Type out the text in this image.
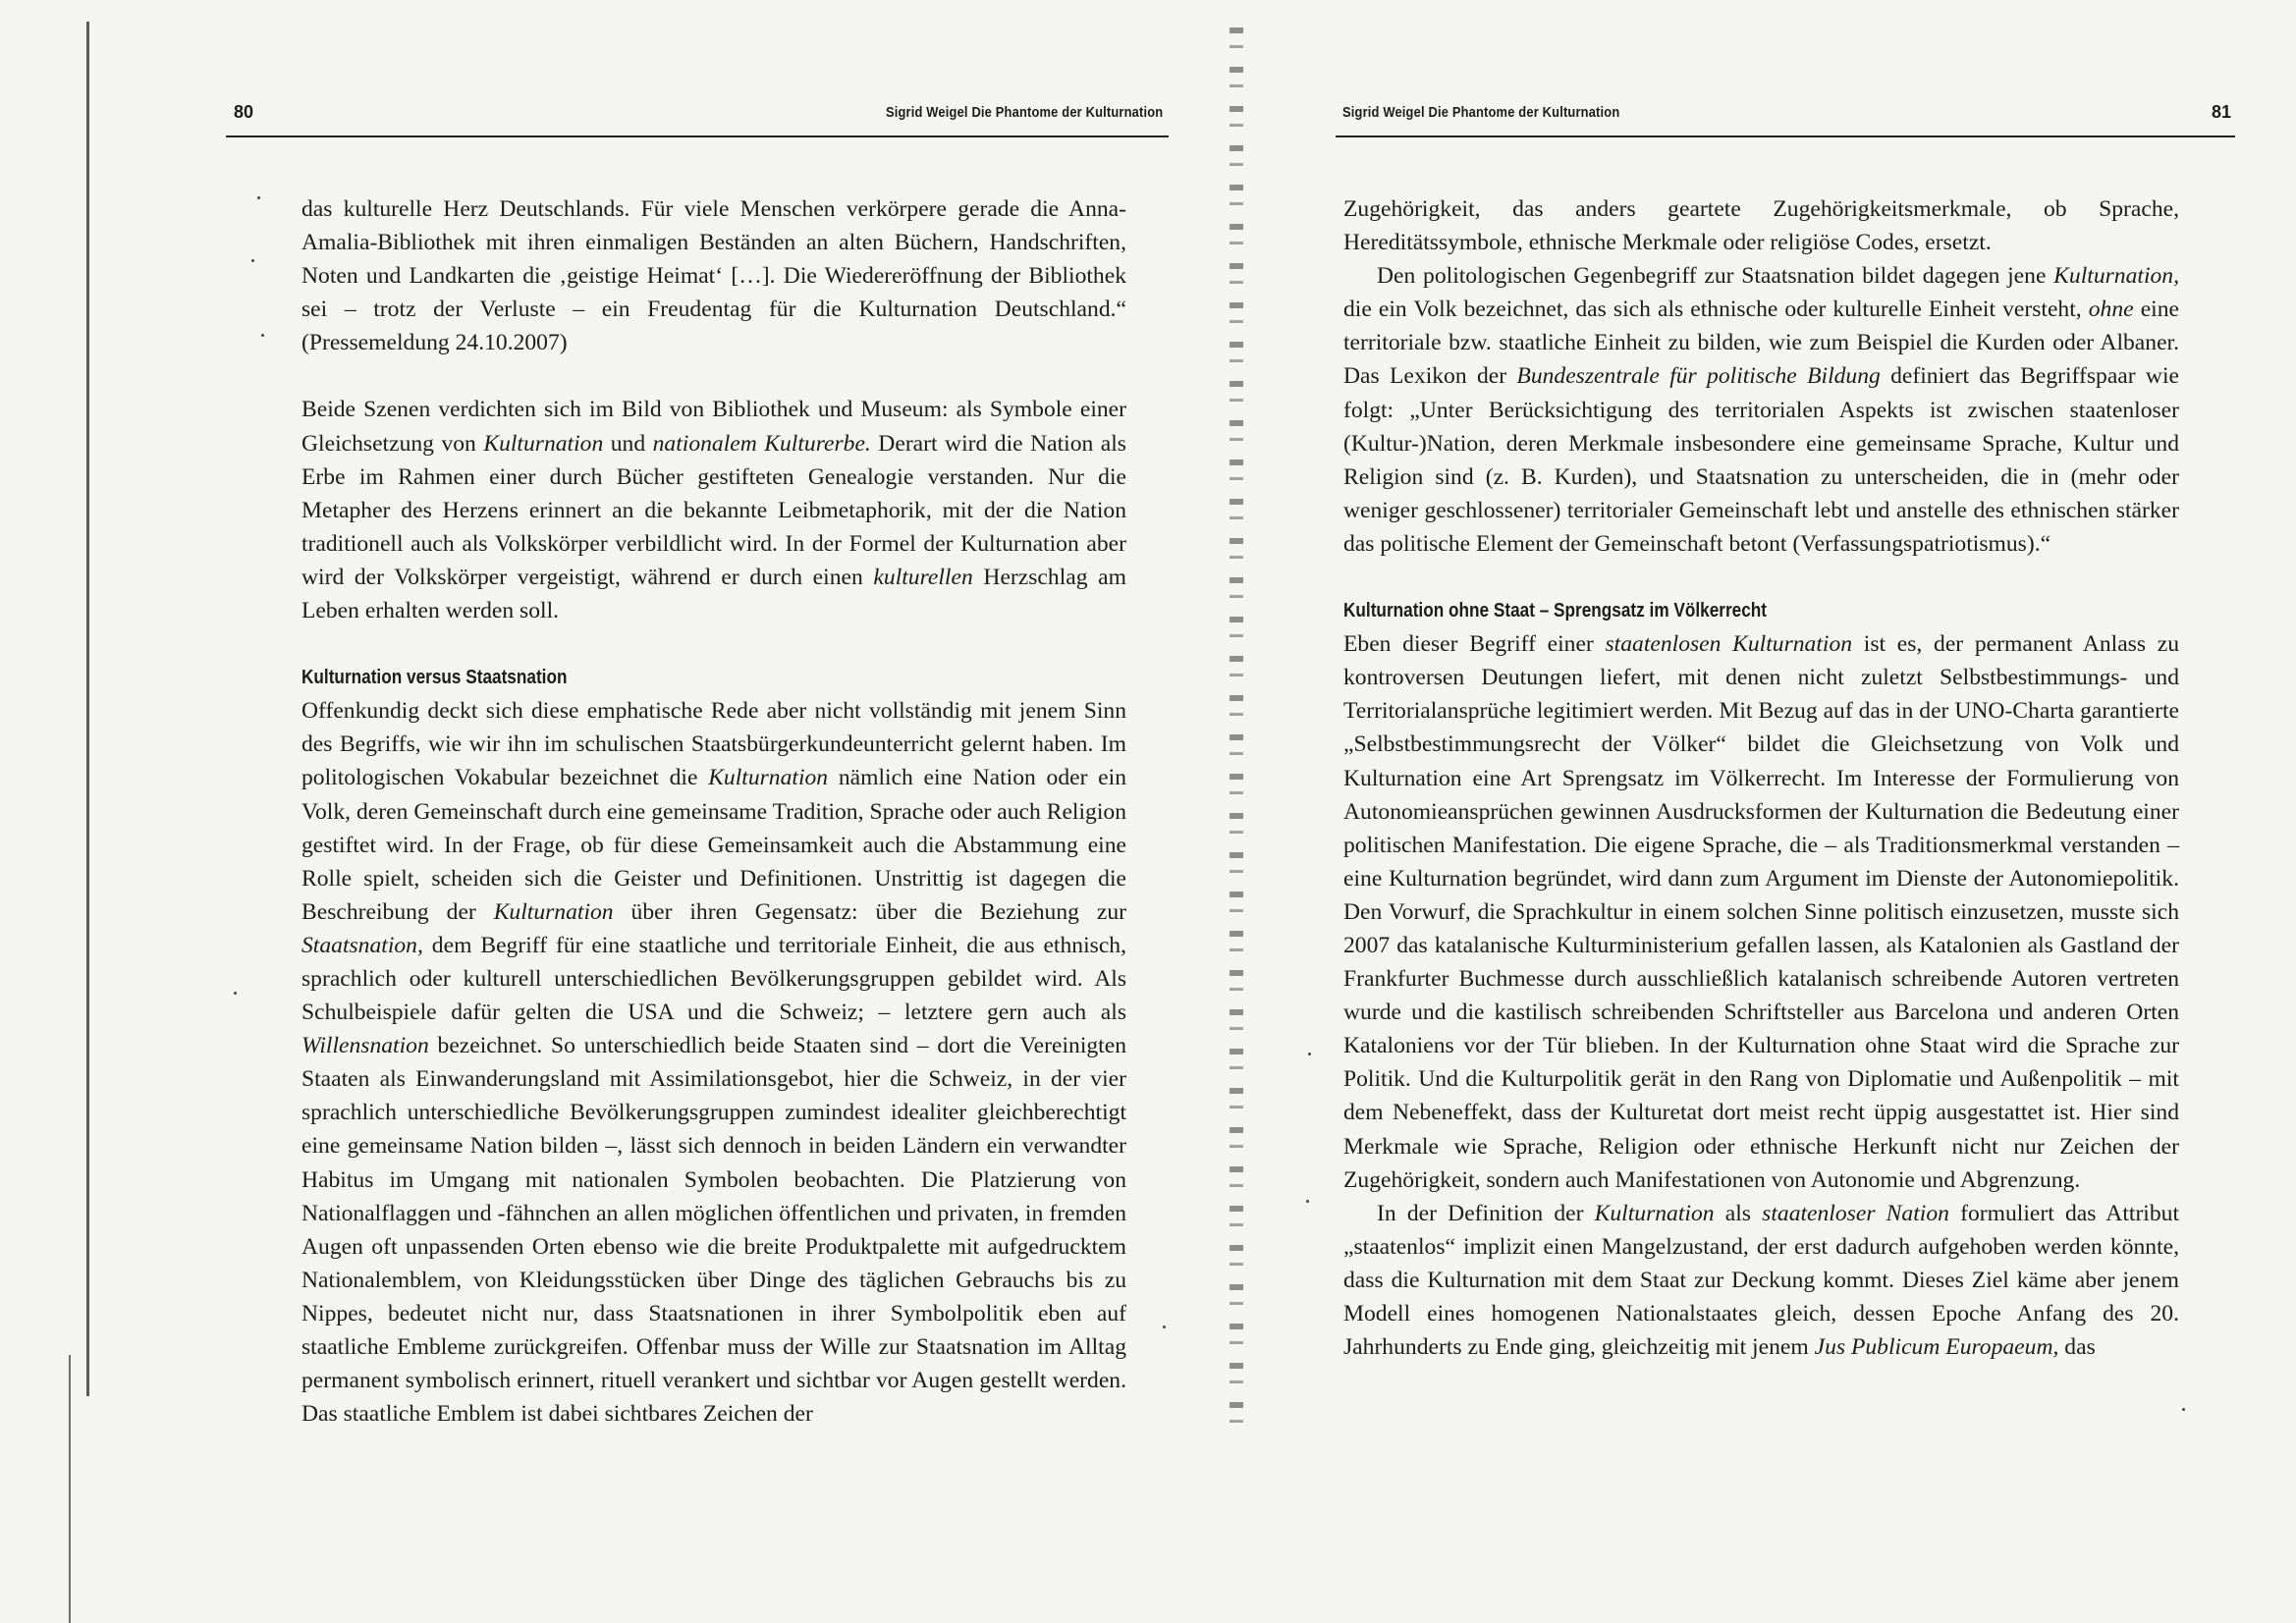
80	Sigrid Weigel Die Phantome der Kulturnation

das kulturelle Herz Deutschlands. Für viele Menschen verkörpere gerade die Anna-Amalia-Bibliothek mit ihren einmaligen Beständen an alten Büchern, Handschriften, Noten und Landkarten die ‚geistige Heimat‘ […]. Die Wiedereröffnung der Bibliothek sei – trotz der Verluste – ein Freudentag für die Kulturnation Deutschland.“ (Pressemeldung 24.10.2007)

Beide Szenen verdichten sich im Bild von Bibliothek und Museum: als Symbole einer Gleichsetzung von Kulturnation und nationalem Kulturerbe. Derart wird die Nation als Erbe im Rahmen einer durch Bücher gestifteten Genealogie verstanden. Nur die Metapher des Herzens erinnert an die bekannte Leibmetaphorik, mit der die Nation traditionell auch als Volkskörper verbildlicht wird. In der Formel der Kulturnation aber wird der Volkskörper vergeistigt, während er durch einen kulturellen Herzschlag am Leben erhalten werden soll.

Kulturnation versus Staatsnation

Offenkundig deckt sich diese emphatische Rede aber nicht vollständig mit jenem Sinn des Begriffs, wie wir ihn im schulischen Staatsbürgerkundeunterricht gelernt haben. Im politologischen Vokabular bezeichnet die Kulturnation nämlich eine Nation oder ein Volk, deren Gemeinschaft durch eine gemeinsame Tradition, Sprache oder auch Religion gestiftet wird. In der Frage, ob für diese Gemeinsamkeit auch die Abstammung eine Rolle spielt, scheiden sich die Geister und Definitionen. Unstrittig ist dagegen die Beschreibung der Kulturnation über ihren Gegensatz: über die Beziehung zur Staatsnation, dem Begriff für eine staatliche und territoriale Einheit, die aus ethnisch, sprachlich oder kulturell unterschiedlichen Bevölkerungsgruppen gebildet wird. Als Schulbeispiele dafür gelten die USA und die Schweiz; – letztere gern auch als Willensnation bezeichnet. So unterschiedlich beide Staaten sind – dort die Vereinigten Staaten als Einwanderungsland mit Assimilationsgebot, hier die Schweiz, in der vier sprachlich unterschiedliche Bevölkerungsgruppen zumindest idealiter gleichberechtigt eine gemeinsame Nation bilden –, lässt sich dennoch in beiden Ländern ein verwandter Habitus im Umgang mit nationalen Symbolen beobachten. Die Platzierung von Nationalflaggen und -fähnchen an allen möglichen öffentlichen und privaten, in fremden Augen oft unpassenden Orten ebenso wie die breite Produktpalette mit aufgedrucktem Nationalemblem, von Kleidungsstücken über Dinge des täglichen Gebrauchs bis zu Nippes, bedeutet nicht nur, dass Staatsnationen in ihrer Symbolpolitik eben auf staatliche Embleme zurückgreifen. Offenbar muss der Wille zur Staatsnation im Alltag permanent symbolisch erinnert, rituell verankert und sichtbar vor Augen gestellt werden. Das staatliche Emblem ist dabei sichtbares Zeichen der

Sigrid Weigel Die Phantome der Kulturnation	81

Zugehörigkeit, das anders geartete Zugehörigkeitsmerkmale, ob Sprache, Hereditätssymbole, ethnische Merkmale oder religiöse Codes, ersetzt.

Den politologischen Gegenbegriff zur Staatsnation bildet dagegen jene Kulturnation, die ein Volk bezeichnet, das sich als ethnische oder kulturelle Einheit versteht, ohne eine territoriale bzw. staatliche Einheit zu bilden, wie zum Beispiel die Kurden oder Albaner. Das Lexikon der Bundeszentrale für politische Bildung definiert das Begriffspaar wie folgt: „Unter Berücksichtigung des territorialen Aspekts ist zwischen staatenloser (Kultur-)Nation, deren Merkmale insbesondere eine gemeinsame Sprache, Kultur und Religion sind (z. B. Kurden), und Staatsnation zu unterscheiden, die in (mehr oder weniger geschlossener) territorialer Gemeinschaft lebt und anstelle des ethnischen stärker das politische Element der Gemeinschaft betont (Verfassungspatriotismus).“

Kulturnation ohne Staat – Sprengsatz im Völkerrecht

Eben dieser Begriff einer staatenlosen Kulturnation ist es, der permanent Anlass zu kontroversen Deutungen liefert, mit denen nicht zuletzt Selbstbestimmungs- und Territorialansprüche legitimiert werden. Mit Bezug auf das in der UNO-Charta garantierte „Selbstbestimmungsrecht der Völker“ bildet die Gleichsetzung von Volk und Kulturnation eine Art Sprengsatz im Völkerrecht. Im Interesse der Formulierung von Autonomieansprüchen gewinnen Ausdrucksformen der Kulturnation die Bedeutung einer politischen Manifestation. Die eigene Sprache, die – als Traditionsmerkmal verstanden – eine Kulturnation begründet, wird dann zum Argument im Dienste der Autonomiepolitik. Den Vorwurf, die Sprachkultur in einem solchen Sinne politisch einzusetzen, musste sich 2007 das katalanische Kulturministerium gefallen lassen, als Katalonien als Gastland der Frankfurter Buchmesse durch ausschließlich katalanisch schreibende Autoren vertreten wurde und die kastilisch schreibenden Schriftsteller aus Barcelona und anderen Orten Kataloniens vor der Tür blieben. In der Kulturnation ohne Staat wird die Sprache zur Politik. Und die Kulturpolitik gerät in den Rang von Diplomatie und Außenpolitik – mit dem Nebeneffekt, dass der Kulturetat dort meist recht üppig ausgestattet ist. Hier sind Merkmale wie Sprache, Religion oder ethnische Herkunft nicht nur Zeichen der Zugehörigkeit, sondern auch Manifestationen von Autonomie und Abgrenzung.

In der Definition der Kulturnation als staatenloser Nation formuliert das Attribut „staatenlos“ implizit einen Mangelzustand, der erst dadurch aufgehoben werden könnte, dass die Kulturnation mit dem Staat zur Deckung kommt. Dieses Ziel käme aber jenem Modell eines homogenen Nationalstaates gleich, dessen Epoche Anfang des 20. Jahrhunderts zu Ende ging, gleichzeitig mit jenem Jus Publicum Europaeum, das
